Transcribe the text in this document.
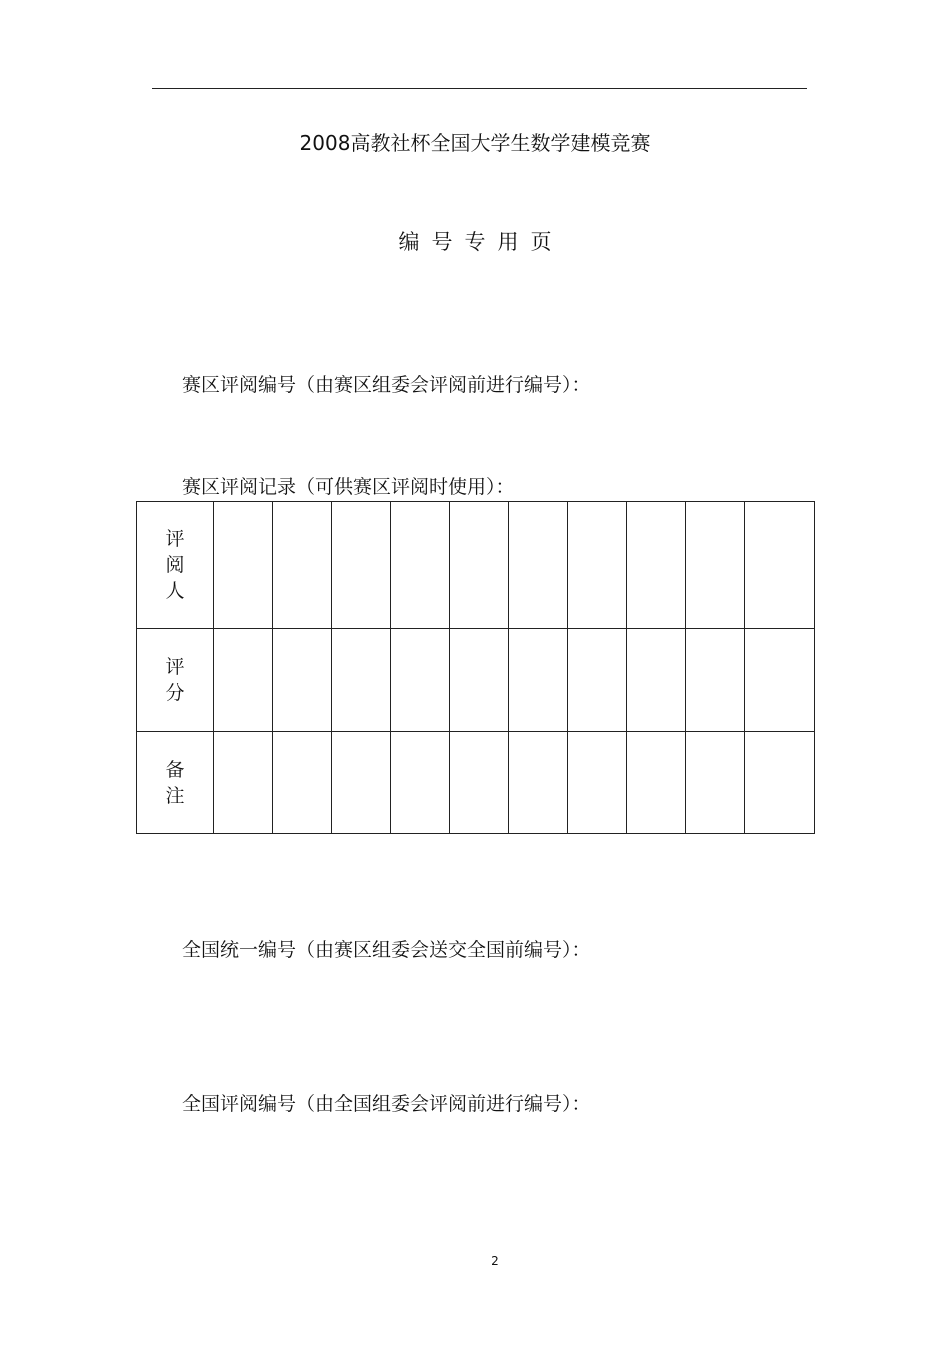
2008高教社杯全国大学生数学建模竞赛
编号专用页
赛区评阅编号（由赛区组委会评阅前进行编号）：
赛区评阅记录（可供赛区评阅时使用）：
评阅人											
评分											
备注											
全国统一编号（由赛区组委会送交全国前编号）：
全国评阅编号（由全国组委会评阅前进行编号）：
2
